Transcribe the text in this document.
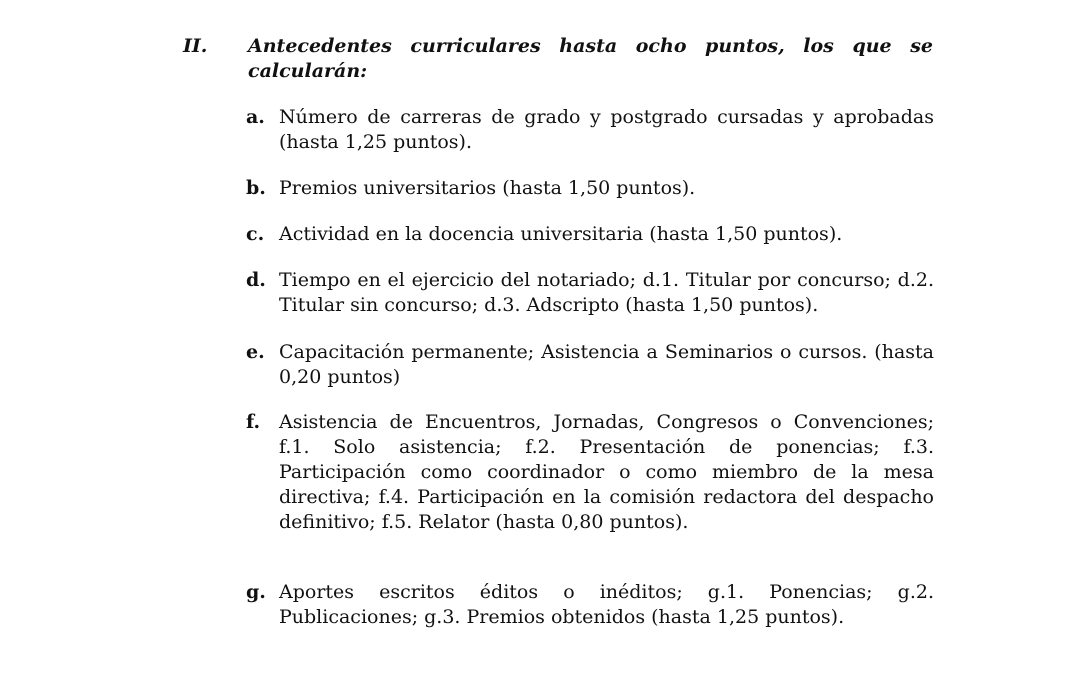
II. Antecedentes curriculares hasta ocho puntos, los que se calcularán:
a. Número de carreras de grado y postgrado cursadas y aprobadas (hasta 1,25 puntos).
b. Premios universitarios (hasta 1,50 puntos).
c. Actividad en la docencia universitaria (hasta 1,50 puntos).
d. Tiempo en el ejercicio del notariado; d.1. Titular por concurso; d.2. Titular sin concurso; d.3. Adscripto (hasta 1,50 puntos).
e. Capacitación permanente; Asistencia a Seminarios o cursos. (hasta 0,20 puntos)
f. Asistencia de Encuentros, Jornadas, Congresos o Convenciones; f.1. Solo asistencia; f.2. Presentación de ponencias; f.3. Participación como coordinador o como miembro de la mesa directiva; f.4. Participación en la comisión redactora del despacho definitivo; f.5. Relator (hasta 0,80 puntos).
g. Aportes escritos éditos o inéditos; g.1. Ponencias; g.2. Publicaciones; g.3. Premios obtenidos (hasta 1,25 puntos).
